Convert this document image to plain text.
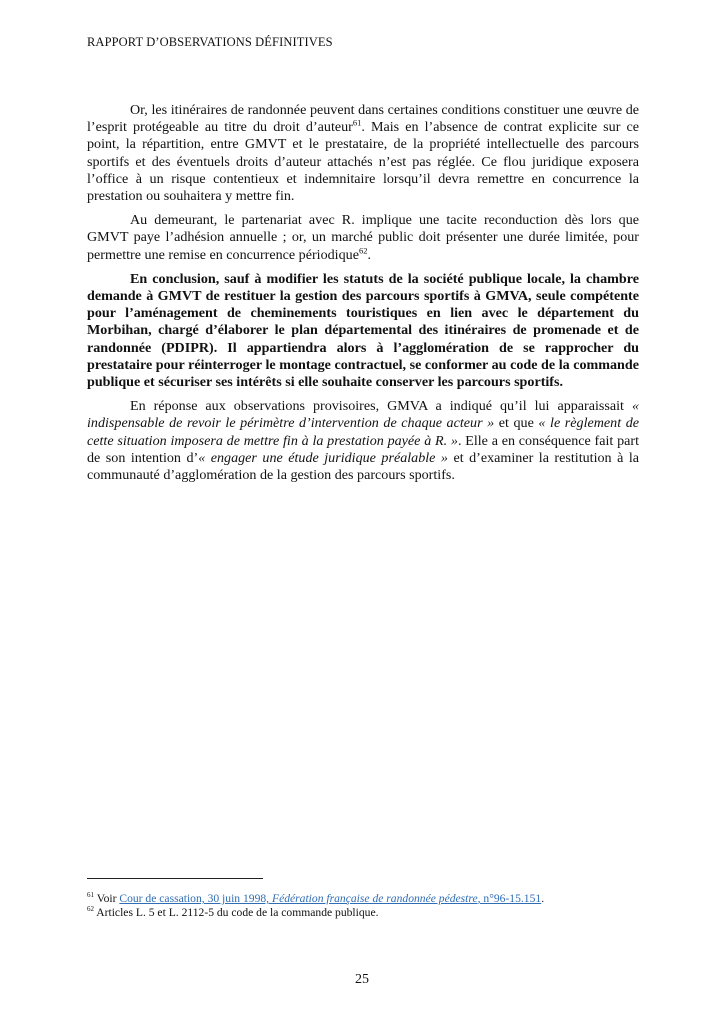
RAPPORT D’OBSERVATIONS DÉFINITIVES

Or, les itinéraires de randonnée peuvent dans certaines conditions constituer une œuvre de l’esprit protégeable au titre du droit d’auteur$^{61}$. Mais en l’absence de contrat explicite sur ce point, la répartition, entre GMVT et le prestataire, de la propriété intellectuelle des parcours sportifs et des éventuels droits d’auteur attachés n’est pas réglée. Ce flou juridique exposera l’office à un risque contentieux et indemnitaire lorsqu’il devra remettre en concurrence la prestation ou souhaitera y mettre fin.

Au demeurant, le partenariat avec R. implique une tacite reconduction dès lors que GMVT paye l’adhésion annuelle ; or, un marché public doit présenter une durée limitée, pour permettre une remise en concurrence périodique$^{62}$.

En conclusion, sauf à modifier les statuts de la société publique locale, la chambre demande à GMVT de restituer la gestion des parcours sportifs à GMVA, seule compétente pour l’aménagement de cheminements touristiques en lien avec le département du Morbihan, chargé d’élaborer le plan départemental des itinéraires de promenade et de randonnée (PDIPR). Il appartiendra alors à l’agglomération de se rapprocher du prestataire pour réinterroger le montage contractuel, se conformer au code de la commande publique et sécuriser ses intérêts si elle souhaite conserver les parcours sportifs.

En réponse aux observations provisoires, GMVA a indiqué qu’il lui apparaissait « indispensable de revoir le périmètre d’intervention de chaque acteur » et que « le règlement de cette situation imposera de mettre fin à la prestation payée à R. ». Elle a en conséquence fait part de son intention d’« engager une étude juridique préalable » et d’examiner la restitution à la communauté d’agglomération de la gestion des parcours sportifs.

$^{61}$ Voir Cour de cassation, 30 juin 1998, Fédération française de randonnée pédestre, n°96-15.151.
$^{62}$ Articles L. 5 et L. 2112-5 du code de la commande publique.
25
